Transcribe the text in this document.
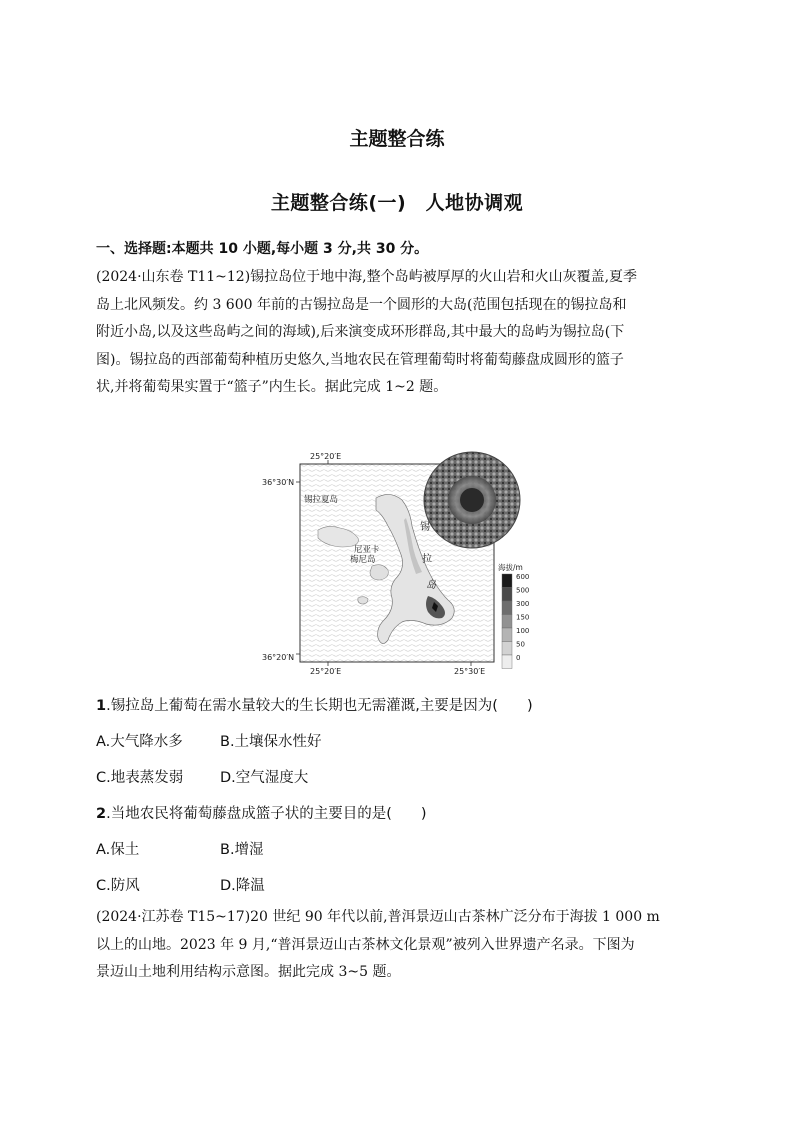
主题整合练
主题整合练(一)　人地协调观
一、选择题:本题共 10 小题,每小题 3 分,共 30 分。

(2024·山东卷 T11~12)锡拉岛位于地中海,整个岛屿被厚厚的火山岩和火山灰覆盖,夏季

岛上北风频发。约 3 600 年前的古锡拉岛是一个圆形的大岛(范围包括现在的锡拉岛和

附近小岛,以及这些岛屿之间的海域),后来演变成环形群岛,其中最大的岛屿为锡拉岛(下

图)。锡拉岛的西部葡萄种植历史悠久,当地农民在管理葡萄时将葡萄藤盘成圆形的篮子

状,并将葡萄果实置于“篮子”内生长。据此完成 1~2 题。

25°20′E
36°30′N
36°20′N
25°20′E	25°30′E
锡拉夏岛
尼亚卡
梅尼岛
锡
拉
岛
海拔/m
600
500
300
150
100
50
0
1.锡拉岛上葡萄在需水量较大的生长期也无需灌溉,主要是因为(　　)
A.大气降水多	B.土壤保水性好
C.地表蒸发弱	D.空气湿度大
2.当地农民将葡萄藤盘成篮子状的主要目的是(　　)
A.保土	B.增湿
C.防风	D.降温

(2024·江苏卷 T15~17)20 世纪 90 年代以前,普洱景迈山古茶林广泛分布于海拔 1 000 m

以上的山地。2023 年 9 月,“普洱景迈山古茶林文化景观”被列入世界遗产名录。下图为

景迈山土地利用结构示意图。据此完成 3~5 题。
